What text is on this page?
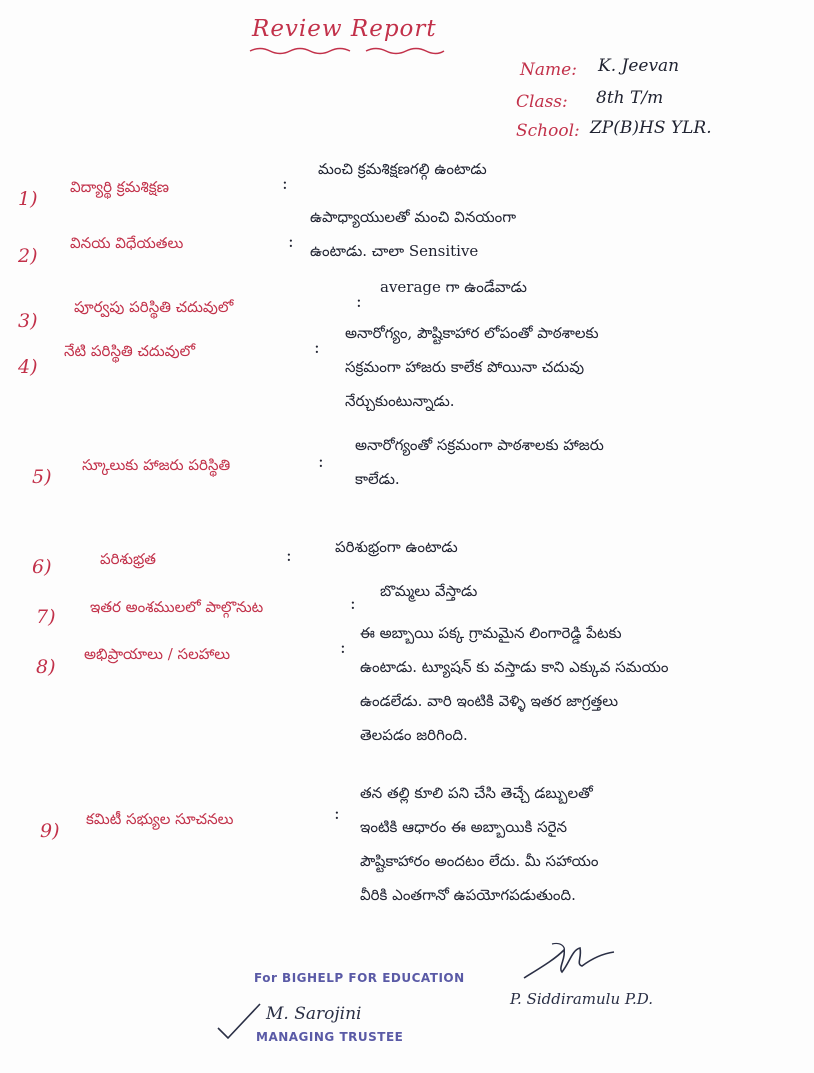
Review Report
Name: K. Jeevan
Class: 8th T/m
School: ZP(B)HS YLR.
1)
విద్యార్థి క్రమశిక్షణ	:
మంచి క్రమశిక్షణగల్గి ఉంటాడు
2)
వినయ విధేయతలు	:
ఉపాధ్యాయులతో మంచి వినయంగా
ఉంటాడు. చాలా Sensitive
3)
పూర్వపు పరిస్థితి చదువులో	:
average గా ఉండేవాడు
4)
నేటి పరిస్థితి చదువులో	:
అనారోగ్యం, పౌష్టికాహార లోపంతో పాఠశాలకు
సక్రమంగా హాజరు కాలేక పోయినా చదువు
నేర్చుకుంటున్నాడు.
5)
స్కూలుకు హాజరు పరిస్థితి	:
అనారోగ్యంతో సక్రమంగా పాఠశాలకు హాజరు
కాలేడు.
6)	పరిశుభ్రత	:	పరిశుభ్రంగా ఉంటాడు
7) ఇతర అంశములలో పాల్గొనుట	:
బొమ్మలు వేస్తాడు
8)
అభిప్రాయాలు / సలహాలు	:
ఈ అబ్బాయి పక్క గ్రామమైన లింగారెడ్డి పేటకు
ఉంటాడు. ట్యూషన్ కు వస్తాడు కాని ఎక్కువ సమయం
ఉండలేడు. వారి ఇంటికి వెళ్ళి ఇతర జాగ్రత్తలు
తెలపడం జరిగింది.
9)
కమిటీ సభ్యుల సూచనలు	:
తన తల్లి కూలి పని చేసి తెచ్చే డబ్బులతో
ఇంటికి ఆధారం ఈ అబ్బాయికి సరైన
పౌష్టికాహారం అందటం లేదు. మీ సహాయం
వీరికి ఎంతగానో ఉపయోగపడుతుంది.
For BIGHELP FOR EDUCATION
M. Sarojini
MANAGING TRUSTEE
P. Siddiramulu P.D.
